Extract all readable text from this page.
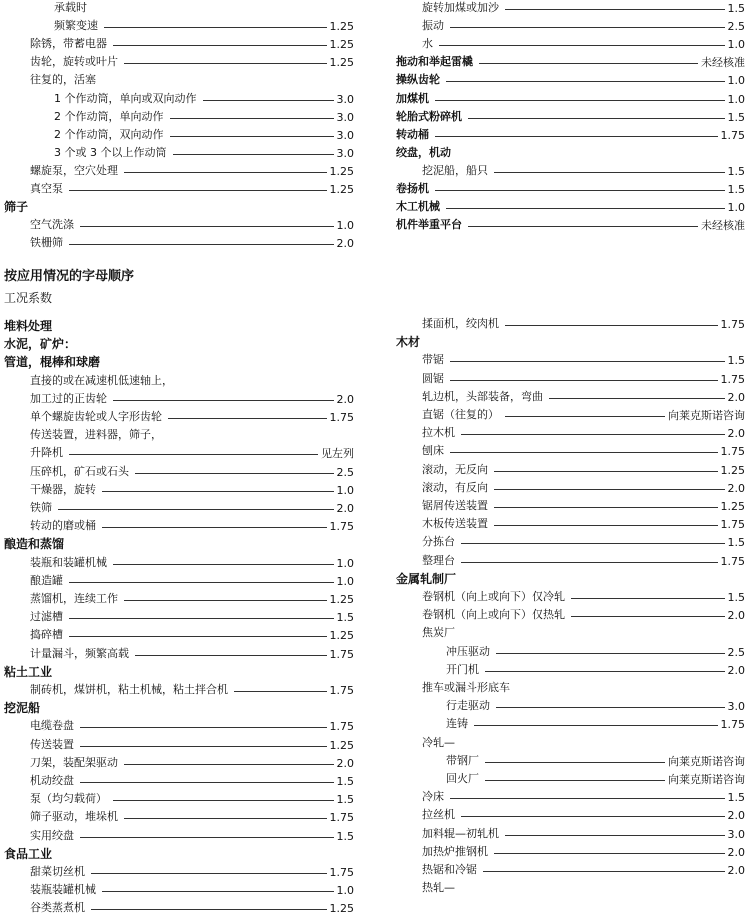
承载时
频繁变速	1.25
除锈，带蓄电器	1.25
齿轮，旋转或叶片	1.25
往复的，活塞
1 个作动筒，单向或双向动作	3.0
2 个作动筒，单向动作	3.0
2 个作动筒，双向动作	3.0
3 个或 3 个以上作动筒	3.0
螺旋泵，空穴处理	1.25
真空泵	1.25
筛子
空气洗涤	1.0
铁栅筛	2.0
旋转加煤或加沙	1.5
振动	2.5
水	1.0
拖动和举起雷橇	未经核准
操纵齿轮	1.0
加煤机	1.0
轮胎式粉碎机	1.5
转动桶	1.75
绞盘，机动
挖泥船，船只	1.5
卷扬机	1.5
木工机械	1.0
机件举重平台	未经核准
按应用情况的字母顺序
工况系数
堆料处理
水泥，矿炉：
管道，棍棒和球磨
直接的或在减速机低速轴上，
加工过的正齿轮	2.0
单个螺旋齿轮或人字形齿轮	1.75
传送装置，进料器，筛子，
升降机	见左列
压碎机，矿石或石头	2.5
干燥器，旋转	1.0
铁筛	2.0
转动的磨或桶	1.75
酿造和蒸馏
装瓶和装罐机械	1.0
酿造罐	1.0
蒸馏机，连续工作	1.25
过滤槽	1.5
捣碎槽	1.25
计量漏斗，频繁高载	1.75
粘土工业
制砖机，煤饼机，粘土机械，粘土拌合机	1.75
挖泥船
电缆卷盘	1.75
传送装置	1.25
刀架，装配架驱动	2.0
机动绞盘	1.5
泵（均匀载荷）	1.5
筛子驱动，堆垛机	1.75
实用绞盘	1.5
食品工业
甜菜切丝机	1.75
装瓶装罐机械	1.0
谷类蒸煮机	1.25
揉面机，绞肉机	1.75
木材
带锯	1.5
圆锯	1.75
轧边机，头部装备，弯曲	2.0
直锯（往复的）	向莱克斯诺咨询
拉木机	2.0
刨床	1.75
滚动，无反向	1.25
滚动，有反向	2.0
锯屑传送装置	1.25
木板传送装置	1.75
分拣台	1.5
整理台	1.75
金属轧制厂
卷钢机（向上或向下）仅冷轧	1.5
卷钢机（向上或向下）仅热轧	2.0
焦炭厂
冲压驱动	2.5
开门机	2.0
推车或漏斗形底车
行走驱动	3.0
连铸	1.75
冷轧—
带钢厂	向莱克斯诺咨询
回火厂	向莱克斯诺咨询
冷床	1.5
拉丝机	2.0
加料辊—初轧机	3.0
加热炉推钢机	2.0
热锯和冷锯	2.0
热轧—
